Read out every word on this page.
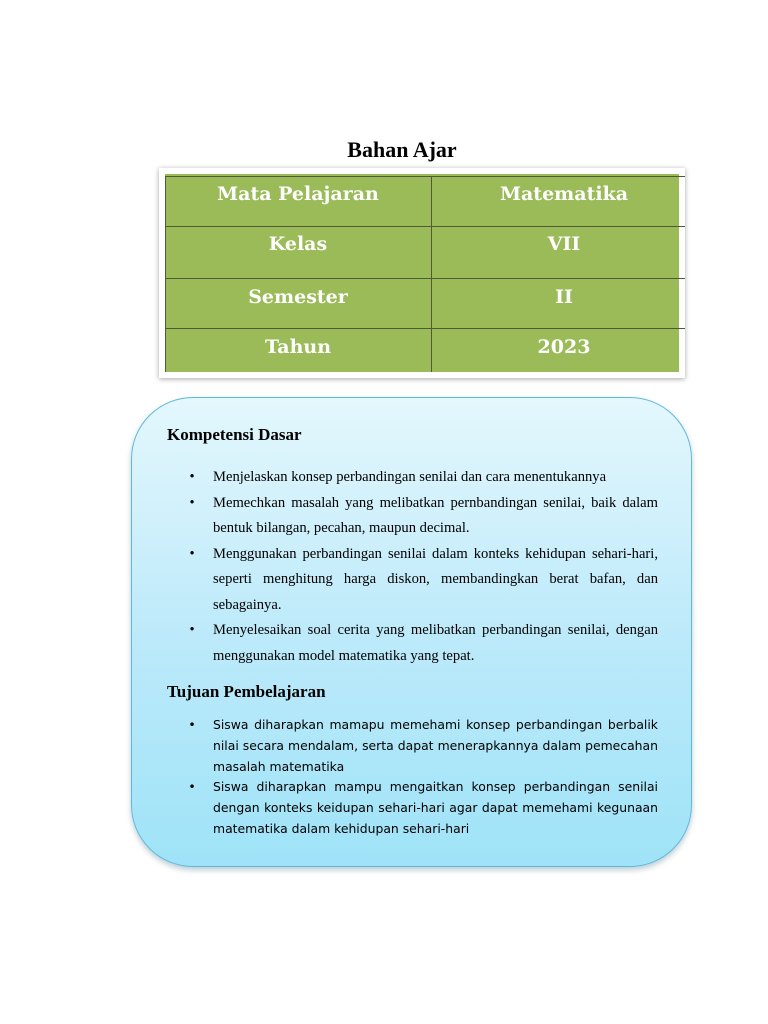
Bahan Ajar
Mata Pelajaran	Matematika
Kelas	VII
Semester	II
Tahun	2023
Kompetensi Dasar
•	Menjelaskan konsep perbandingan senilai dan cara menentukannya
•	Memechkan masalah yang melibatkan pernbandingan senilai, baik dalam bentuk bilangan, pecahan, maupun decimal.
•	Menggunakan perbandingan senilai dalam konteks kehidupan sehari-hari, seperti menghitung harga diskon, membandingkan berat bafan, dan sebagainya.
•	Menyelesaikan soal cerita yang melibatkan perbandingan senilai, dengan menggunakan model matematika yang tepat.
Tujuan Pembelajaran
• Siswa diharapkan mamapu memehami konsep perbandingan berbalik nilai secara mendalam, serta dapat menerapkannya dalam pemecahan masalah matematika
• Siswa diharapkan mampu mengaitkan konsep perbandingan senilai dengan konteks keidupan sehari-hari agar dapat memehami kegunaan matematika dalam kehidupan sehari-hari
